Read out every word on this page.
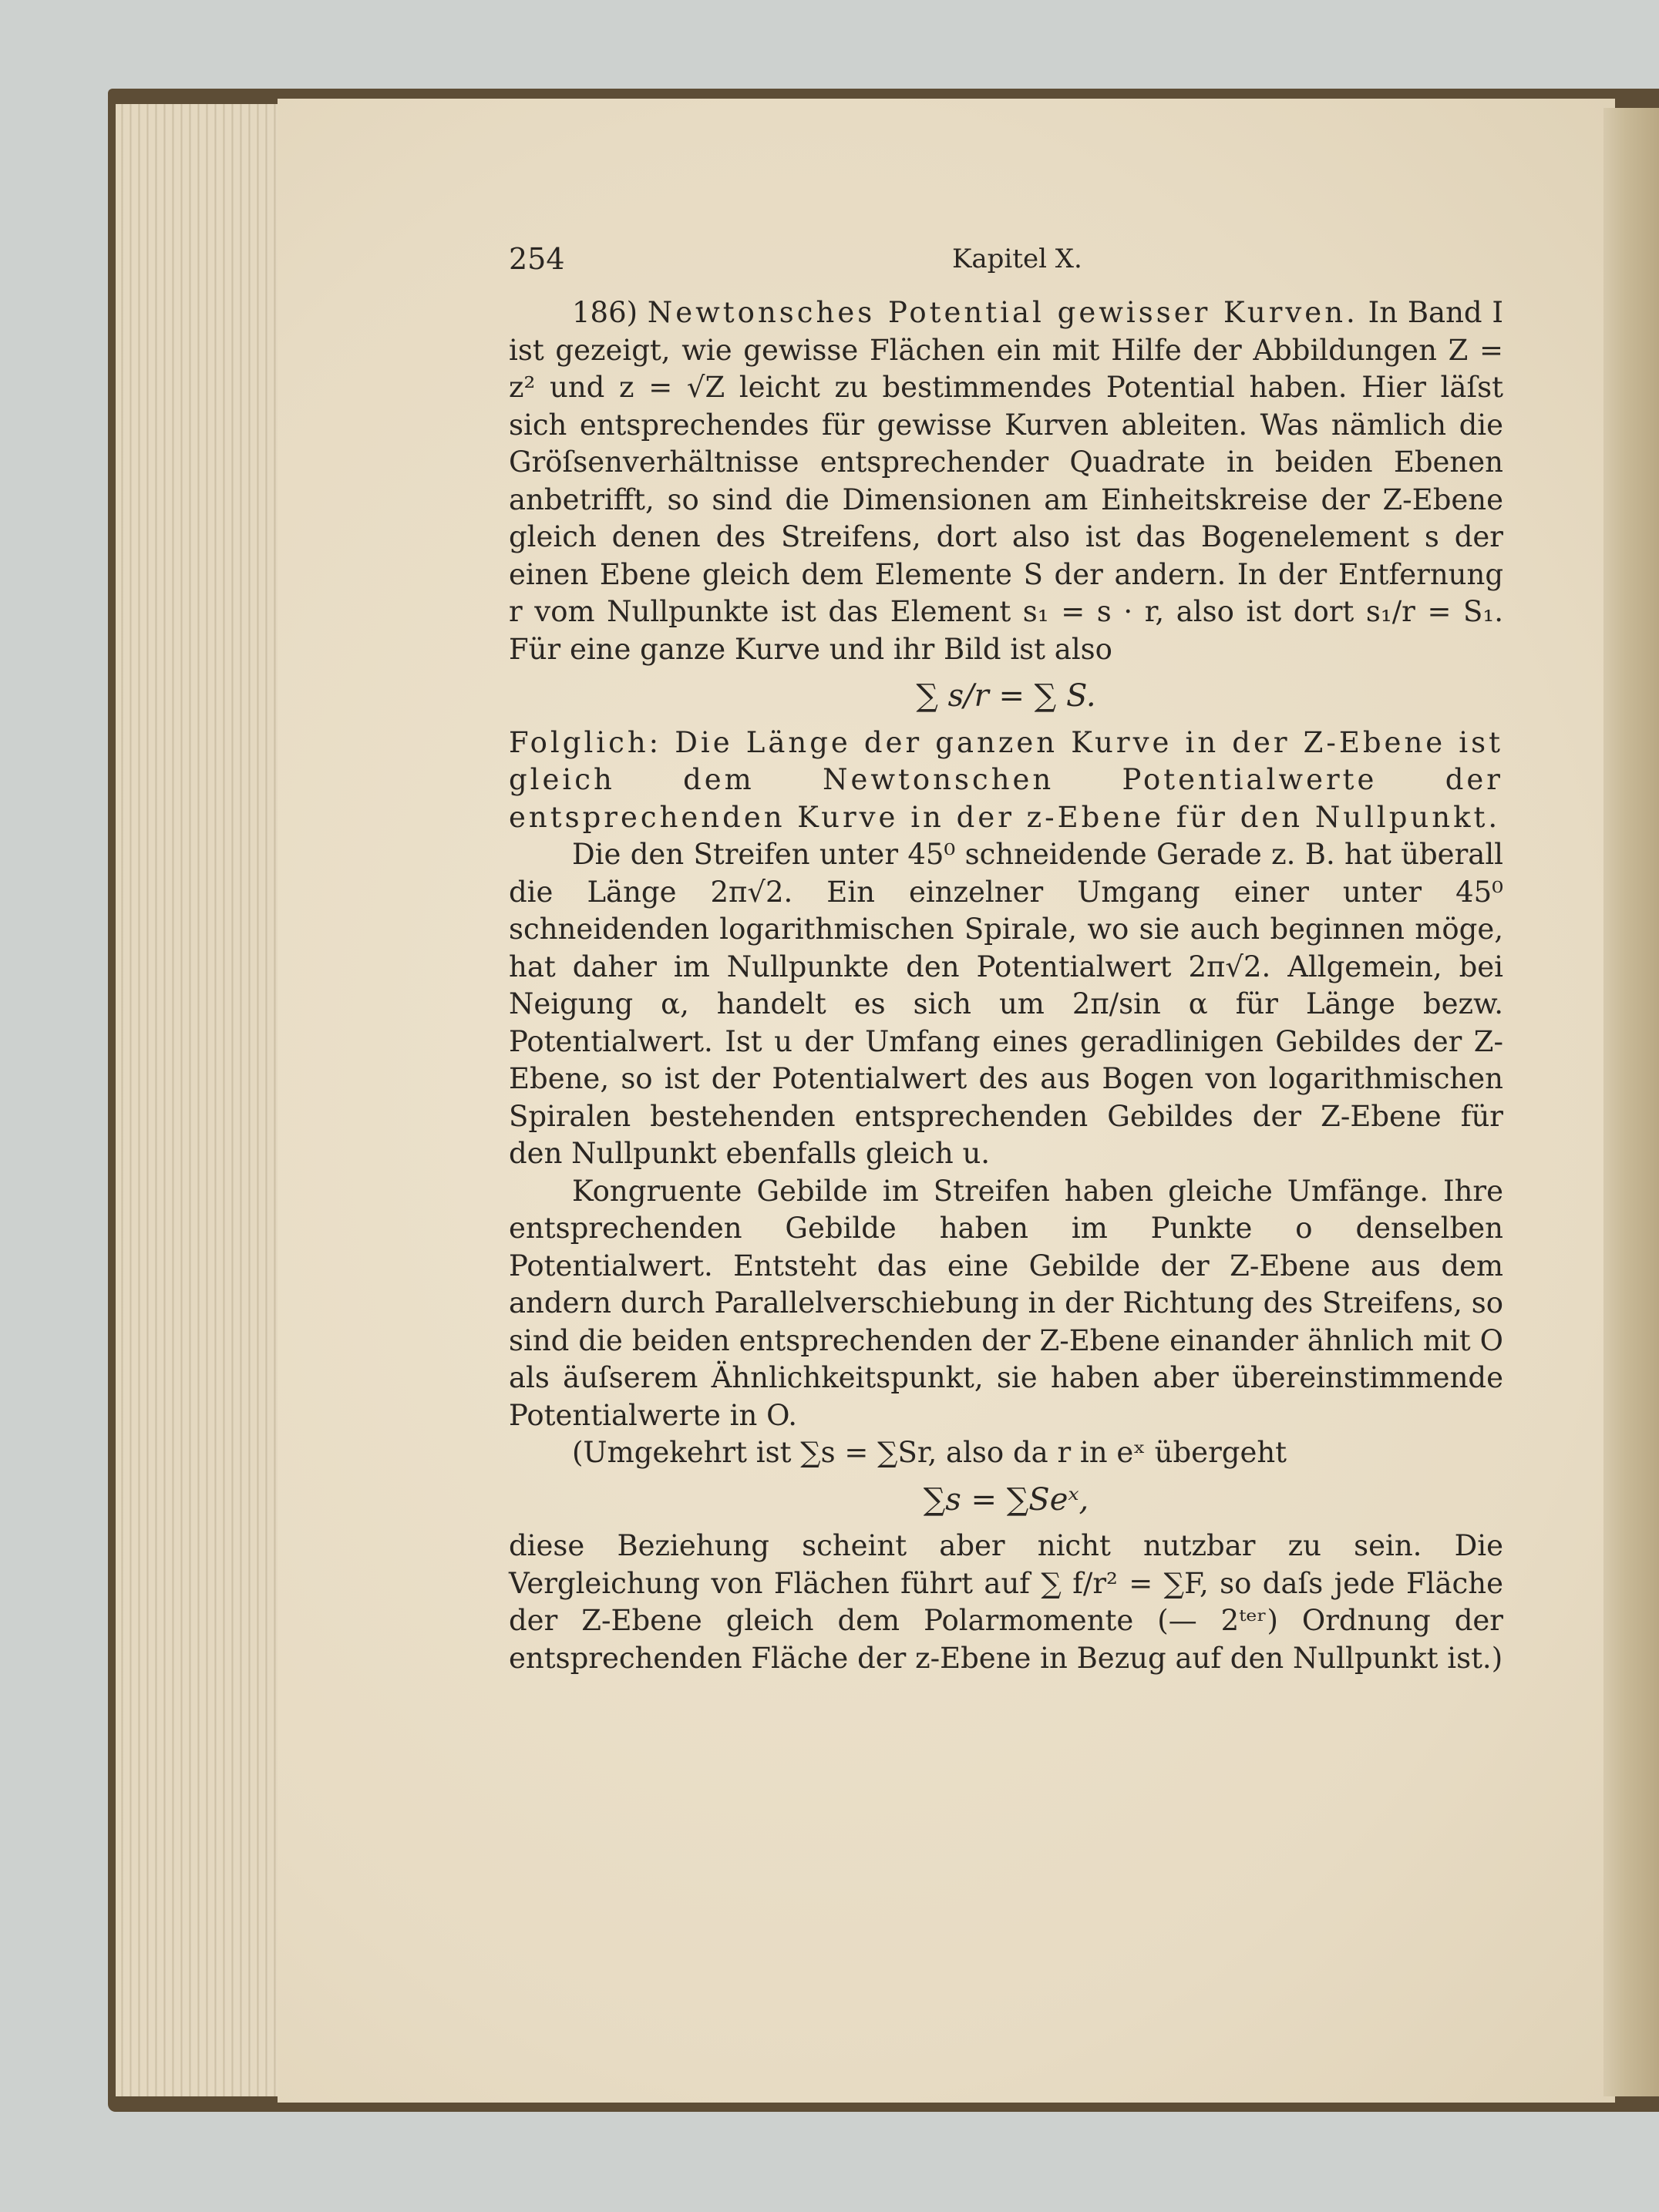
254	Kapitel X.

186) Newtonsches Potential gewisser Kurven. In Band I ist gezeigt, wie gewisse Flächen ein mit Hilfe der Abbildungen Z = z² und z = √Z leicht zu bestimmendes Potential haben. Hier läſst sich entsprechendes für gewisse Kurven ableiten. Was nämlich die Gröſsenverhältnisse entsprechender Quadrate in beiden Ebenen anbetrifft, so sind die Dimensionen am Einheitskreise der Z-Ebene gleich denen des Streifens, dort also ist das Bogenelement s der einen Ebene gleich dem Elemente S der andern. In der Entfernung r vom Nullpunkte ist das Element s₁ = s · r, also ist dort s₁/r = S₁. Für eine ganze Kurve und ihr Bild ist also

∑ s/r = ∑ S.

Folglich: Die Länge der ganzen Kurve in der Z-Ebene ist gleich dem Newtonschen Potentialwerte der entsprechenden Kurve in der z-Ebene für den Nullpunkt.

Die den Streifen unter 45⁰ schneidende Gerade z. B. hat überall die Länge 2π√2. Ein einzelner Umgang einer unter 45⁰ schneidenden logarithmischen Spirale, wo sie auch beginnen möge, hat daher im Nullpunkte den Potentialwert 2π√2. Allgemein, bei Neigung α, handelt es sich um 2π/sin α für Länge bezw. Potentialwert. Ist u der Umfang eines geradlinigen Gebildes der Z-Ebene, so ist der Potentialwert des aus Bogen von logarithmischen Spiralen bestehenden entsprechenden Gebildes der Z-Ebene für den Nullpunkt ebenfalls gleich u.

Kongruente Gebilde im Streifen haben gleiche Umfänge. Ihre entsprechenden Gebilde haben im Punkte o denselben Potentialwert. Entsteht das eine Gebilde der Z-Ebene aus dem andern durch Parallelverschiebung in der Richtung des Streifens, so sind die beiden entsprechenden der Z-Ebene einander ähnlich mit O als äuſserem Ähnlichkeitspunkt, sie haben aber übereinstimmende Potentialwerte in O.

(Umgekehrt ist ∑s = ∑Sr, also da r in eˣ übergeht

∑s = ∑Seˣ,

diese Beziehung scheint aber nicht nutzbar zu sein. Die Vergleichung von Flächen führt auf ∑ f/r² = ∑F, so daſs jede Fläche der Z-Ebene gleich dem Polarmomente (— 2ᵗᵉʳ) Ordnung der entsprechenden Fläche der z-Ebene in Bezug auf den Nullpunkt ist.)
